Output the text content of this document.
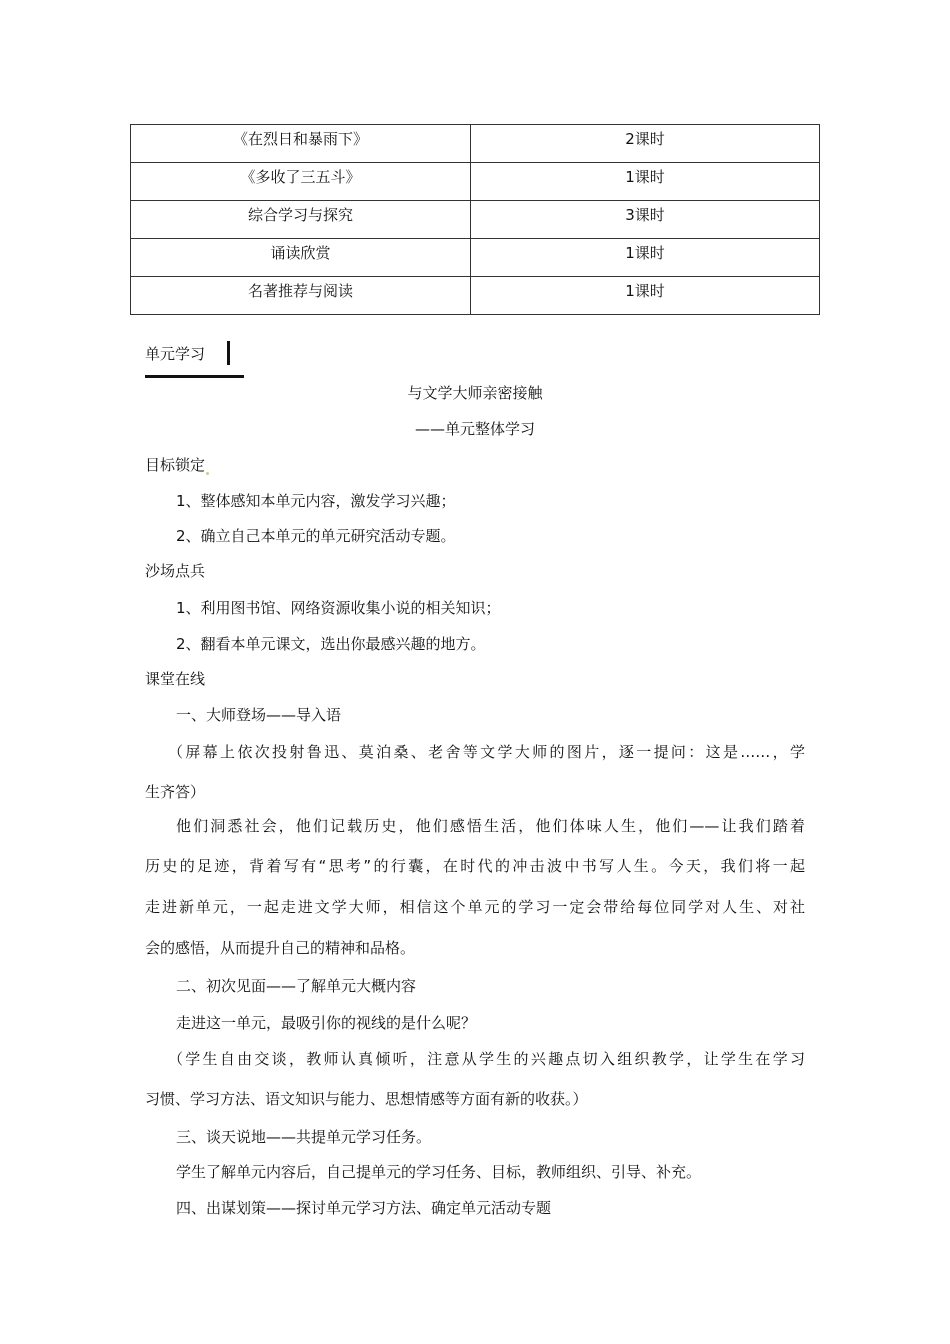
《在烈日和暴雨下》	2课时
《多收了三五斗》	1课时
综合学习与探究	3课时
诵读欣赏	1课时
名著推荐与阅读	1课时
单元学习
与文学大师亲密接触
——单元整体学习
目标锁定
1、整体感知本单元内容，激发学习兴趣；
2、确立自己本单元的单元研究活动专题。
沙场点兵
1、利用图书馆、网络资源收集小说的相关知识；
2、翻看本单元课文，选出你最感兴趣的地方。
课堂在线
一、大师登场——导入语
（屏幕上依次投射鲁迅、莫泊桑、老舍等文学大师的图片，逐一提问：这是……，学
生齐答）
他们洞悉社会，他们记载历史，他们感悟生活，他们体味人生，他们——让我们踏着
历史的足迹，背着写有“思考”的行囊，在时代的冲击波中书写人生。今天，我们将一起
走进新单元，一起走进文学大师，相信这个单元的学习一定会带给每位同学对人生、对社
会的感悟，从而提升自己的精神和品格。
二、初次见面——了解单元大概内容
走进这一单元，最吸引你的视线的是什么呢？
（学生自由交谈，教师认真倾听，注意从学生的兴趣点切入组织教学，让学生在学习
习惯、学习方法、语文知识与能力、思想情感等方面有新的收获。）
三、谈天说地——共提单元学习任务。
学生了解单元内容后，自己提单元的学习任务、目标，教师组织、引导、补充。
四、出谋划策——探讨单元学习方法、确定单元活动专题
